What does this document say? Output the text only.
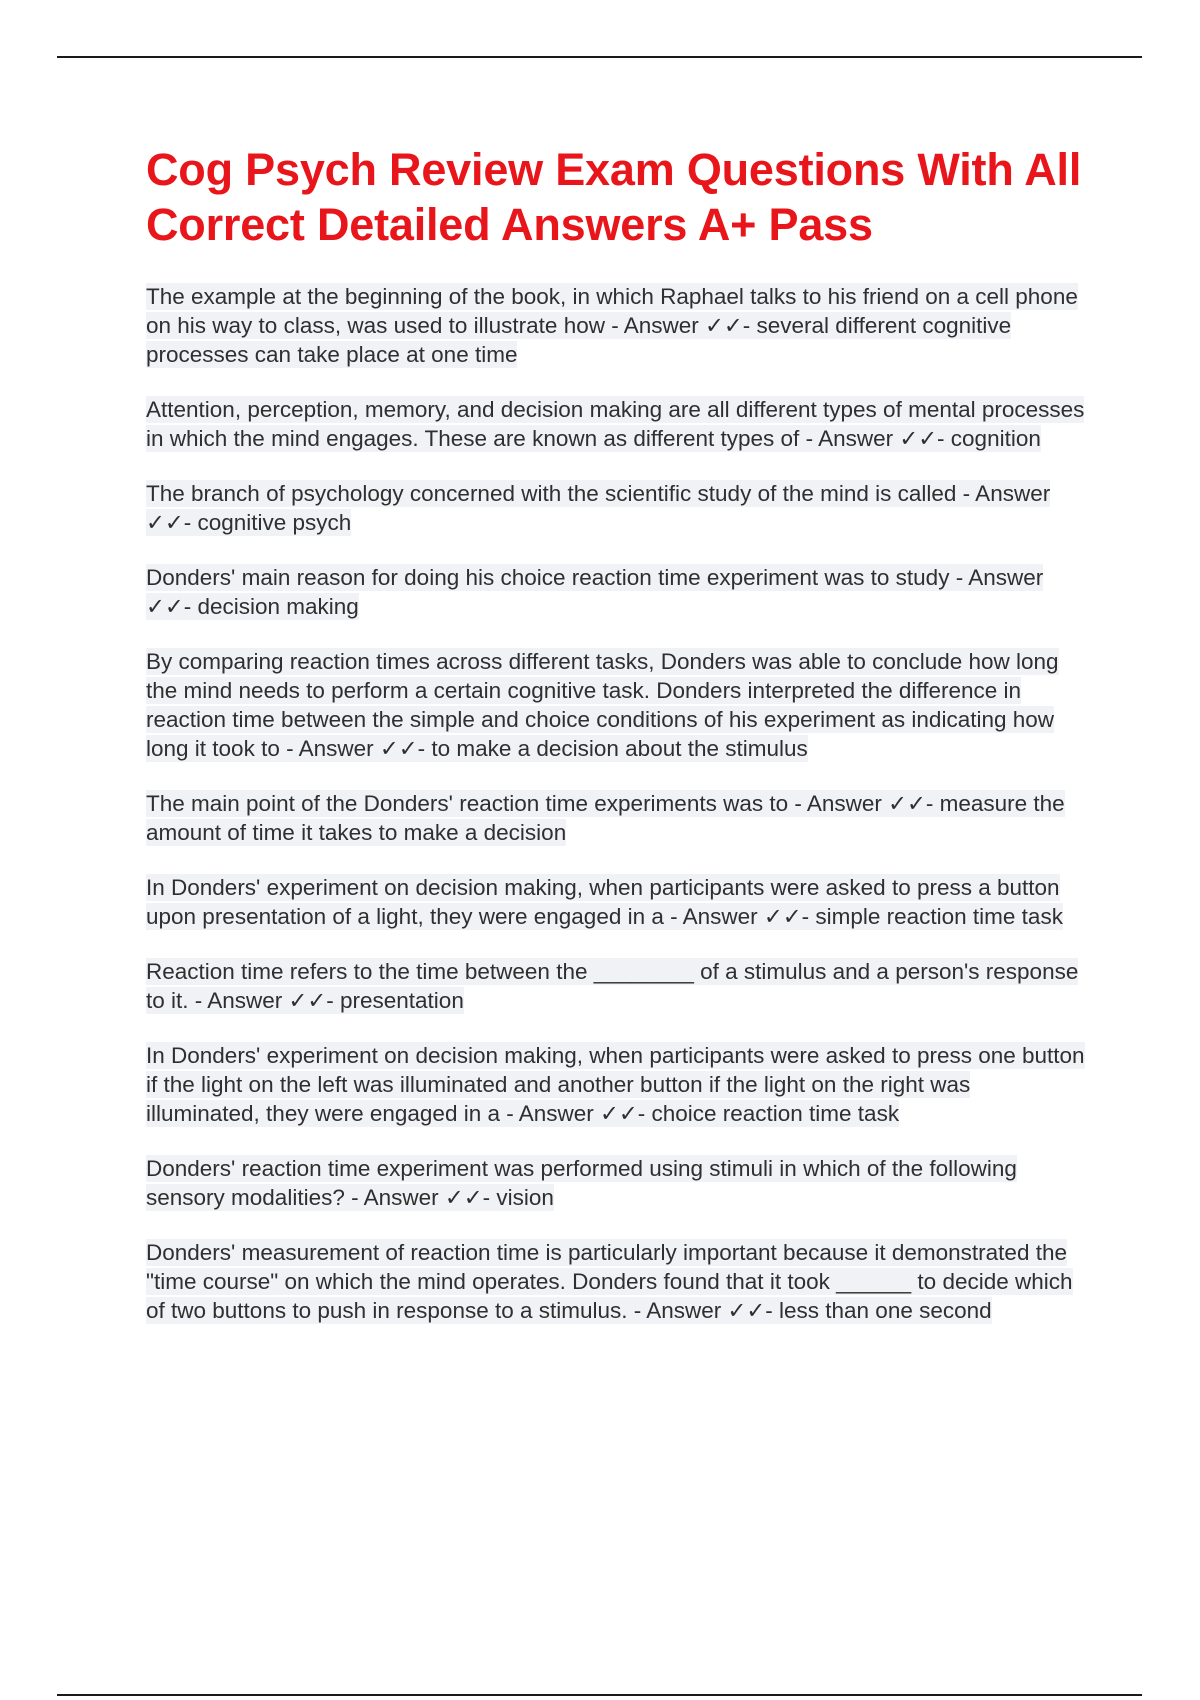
Cog Psych Review Exam Questions With All Correct Detailed Answers A+ Pass

The example at the beginning of the book, in which Raphael talks to his friend on a cell phone on his way to class, was used to illustrate how - Answer ✓✓- several different cognitive processes can take place at one time

Attention, perception, memory, and decision making are all different types of mental processes in which the mind engages. These are known as different types of - Answer ✓✓- cognition

The branch of psychology concerned with the scientific study of the mind is called - Answer ✓✓- cognitive psych

Donders' main reason for doing his choice reaction time experiment was to study - Answer ✓✓- decision making

By comparing reaction times across different tasks, Donders was able to conclude how long the mind needs to perform a certain cognitive task. Donders interpreted the difference in reaction time between the simple and choice conditions of his experiment as indicating how long it took to - Answer ✓✓- to make a decision about the stimulus

The main point of the Donders' reaction time experiments was to - Answer ✓✓- measure the amount of time it takes to make a decision

In Donders' experiment on decision making, when participants were asked to press a button upon presentation of a light, they were engaged in a - Answer ✓✓- simple reaction time task

Reaction time refers to the time between the ________ of a stimulus and a person's response to it. - Answer ✓✓- presentation

In Donders' experiment on decision making, when participants were asked to press one button if the light on the left was illuminated and another button if the light on the right was illuminated, they were engaged in a - Answer ✓✓- choice reaction time task

Donders' reaction time experiment was performed using stimuli in which of the following sensory modalities? - Answer ✓✓- vision

Donders' measurement of reaction time is particularly important because it demonstrated the "time course" on which the mind operates. Donders found that it took ______ to decide which of two buttons to push in response to a stimulus. - Answer ✓✓- less than one second
